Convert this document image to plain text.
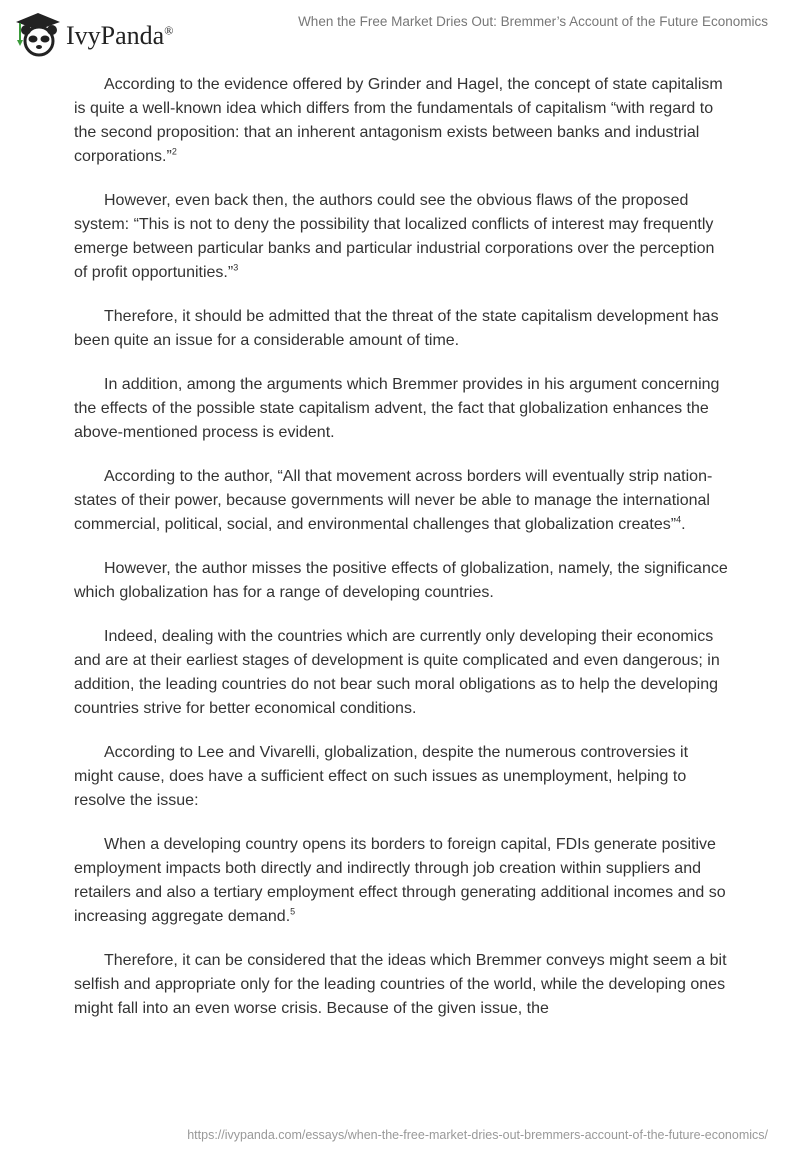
IvyPanda®
When the Free Market Dries Out: Bremmer’s Account of the Future Economics

According to the evidence offered by Grinder and Hagel, the concept of state capitalism is quite a well-known idea which differs from the fundamentals of capitalism “with regard to the second proposition: that an inherent antagonism exists between banks and industrial corporations.”$^2$

However, even back then, the authors could see the obvious flaws of the proposed system: “This is not to deny the possibility that localized conflicts of interest may frequently emerge between particular banks and particular industrial corporations over the perception of profit opportunities.”$^3$

Therefore, it should be admitted that the threat of the state capitalism development has been quite an issue for a considerable amount of time.

In addition, among the arguments which Bremmer provides in his argument concerning the effects of the possible state capitalism advent, the fact that globalization enhances the above-mentioned process is evident.

According to the author, “All that movement across borders will eventually strip nation-states of their power, because governments will never be able to manage the international commercial, political, social, and environmental challenges that globalization creates”$^4$.

However, the author misses the positive effects of globalization, namely, the significance which globalization has for a range of developing countries.

Indeed, dealing with the countries which are currently only developing their economics and are at their earliest stages of development is quite complicated and even dangerous; in addition, the leading countries do not bear such moral obligations as to help the developing countries strive for better economical conditions.

According to Lee and Vivarelli, globalization, despite the numerous controversies it might cause, does have a sufficient effect on such issues as unemployment, helping to resolve the issue:

When a developing country opens its borders to foreign capital, FDIs generate positive employment impacts both directly and indirectly through job creation within suppliers and retailers and also a tertiary employment effect through generating additional incomes and so increasing aggregate demand.$^5$

Therefore, it can be considered that the ideas which Bremmer conveys might seem a bit selfish and appropriate only for the leading countries of the world, while the developing ones might fall into an even worse crisis. Because of the given issue, the

https://ivypanda.com/essays/when-the-free-market-dries-out-bremmers-account-of-the-future-economics/
